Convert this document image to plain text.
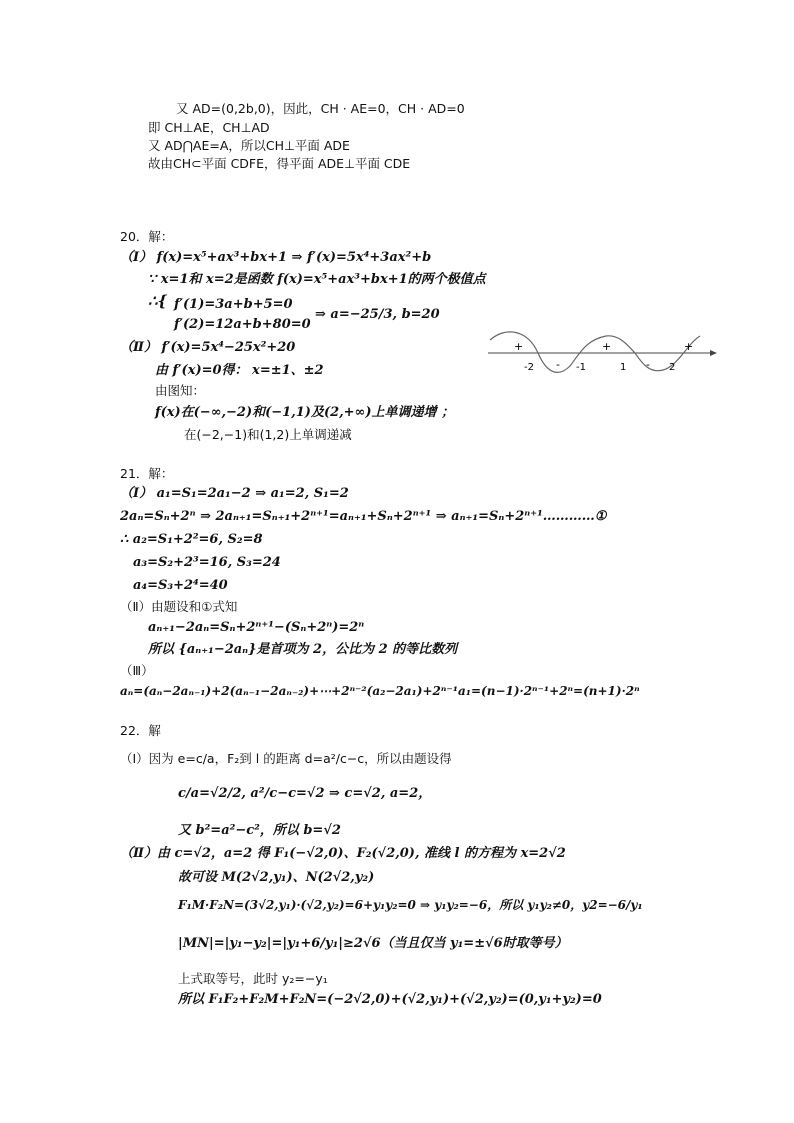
又 AD=(0,2b,0)，因此，CH · AE=0，CH · AD=0
即 CH⊥AE，CH⊥AD
又 AD⋂AE=A，所以CH⊥平面 ADE
故由CH⊂平面 CDFE，得平面 ADE⊥平面 CDE
20．解：
（Ⅰ） f(x)=x⁵+ax³+bx+1 ⇒ f′(x)=5x⁴+3ax²+b
∵ x=1和 x=2是函数 f(x)=x⁵+ax³+bx+1的两个极值点
∴{ f′(1)=3a+b+5=0
f′(2)=12a+b+80=0
⇒ a=−25/3, b=20
（Ⅱ） f′(x)=5x⁴−25x²+20
由 f′(x)=0得： x=±1、±2
由图知：
f(x)在(−∞,−2)和(−1,1)及(2,+∞)上单调递增 ；
在(−2,−1)和(1,2)上单调递减
+
-
+
-
+
-2	-1	1	2
21．解：
（Ⅰ） a₁=S₁=2a₁−2 ⇒ a₁=2, S₁=2
2aₙ=Sₙ+2ⁿ ⇒ 2aₙ₊₁=Sₙ₊₁+2ⁿ⁺¹=aₙ₊₁+Sₙ+2ⁿ⁺¹ ⇒ aₙ₊₁=Sₙ+2ⁿ⁺¹…………①
∴ a₂=S₁+2²=6, S₂=8
a₃=S₂+2³=16, S₃=24
a₄=S₃+2⁴=40
（Ⅱ）由题设和①式知
aₙ₊₁−2aₙ=Sₙ+2ⁿ⁺¹−(Sₙ+2ⁿ)=2ⁿ
所以 {aₙ₊₁−2aₙ}是首项为 2，公比为 2 的等比数列
（Ⅲ）
aₙ=(aₙ−2aₙ₋₁)+2(aₙ₋₁−2aₙ₋₂)+⋯+2ⁿ⁻²(a₂−2a₁)+2ⁿ⁻¹a₁=(n−1)·2ⁿ⁻¹+2ⁿ=(n+1)·2ⁿ
22．解
（Ⅰ）因为 e=c/a，F₂到 l 的距离 d=a²/c−c，所以由题设得
c/a=√2/2, a²/c−c=√2 ⇒ c=√2, a=2，
又 b²=a²−c²，所以 b=√2
（Ⅱ）由 c=√2，a=2 得 F₁(−√2,0)、F₂(√2,0), 准线 l 的方程为 x=2√2
故可设 M(2√2,y₁)、N(2√2,y₂)
F₁M·F₂N=(3√2,y₁)·(√2,y₂)=6+y₁y₂=0 ⇒ y₁y₂=−6，所以 y₁y₂≠0，y2=−6/y₁
|MN|=|y₁−y₂|=|y₁+6/y₁|≥2√6（当且仅当 y₁=±√6时取等号）
上式取等号，此时 y₂=−y₁
所以 F₁F₂+F₂M+F₂N=(−2√2,0)+(√2,y₁)+(√2,y₂)=(0,y₁+y₂)=0
